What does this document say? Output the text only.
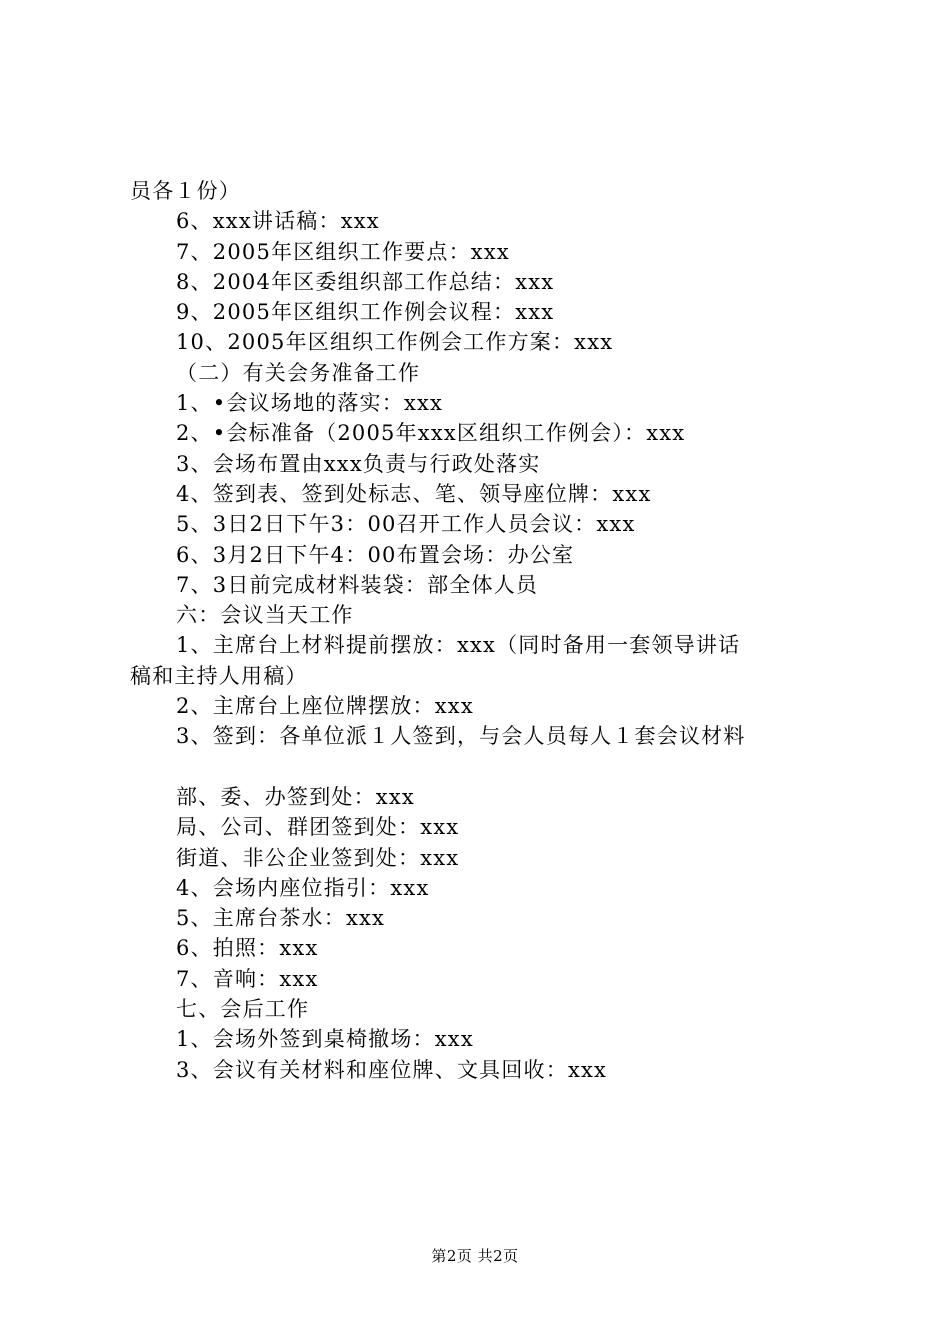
员各１份）
6、xxx讲话稿：xxx
7、2005年区组织工作要点：xxx
8、2004年区委组织部工作总结：xxx
9、2005年区组织工作例会议程：xxx
10、2005年区组织工作例会工作方案：xxx
（二）有关会务准备工作
1、•会议场地的落实：xxx
2、•会标准备（2005年xxx区组织工作例会）：xxx
3、会场布置由xxx负责与行政处落实
4、签到表、签到处标志、笔、领导座位牌：xxx
5、3日2日下午3：00召开工作人员会议：xxx
6、3月2日下午4：00布置会场：办公室
7、3日前完成材料装袋：部全体人员
六：会议当天工作
1、主席台上材料提前摆放：xxx（同时备用一套领导讲话
稿和主持人用稿）
2、主席台上座位牌摆放：xxx
3、签到：各单位派１人签到，与会人员每人１套会议材料
部、委、办签到处：xxx
局、公司、群团签到处：xxx
街道、非公企业签到处：xxx
4、会场内座位指引：xxx
5、主席台茶水：xxx
6、拍照：xxx
7、音响：xxx
七、会后工作
1、会场外签到桌椅撤场：xxx
3、会议有关材料和座位牌、文具回收：xxx
第2页 共2页
